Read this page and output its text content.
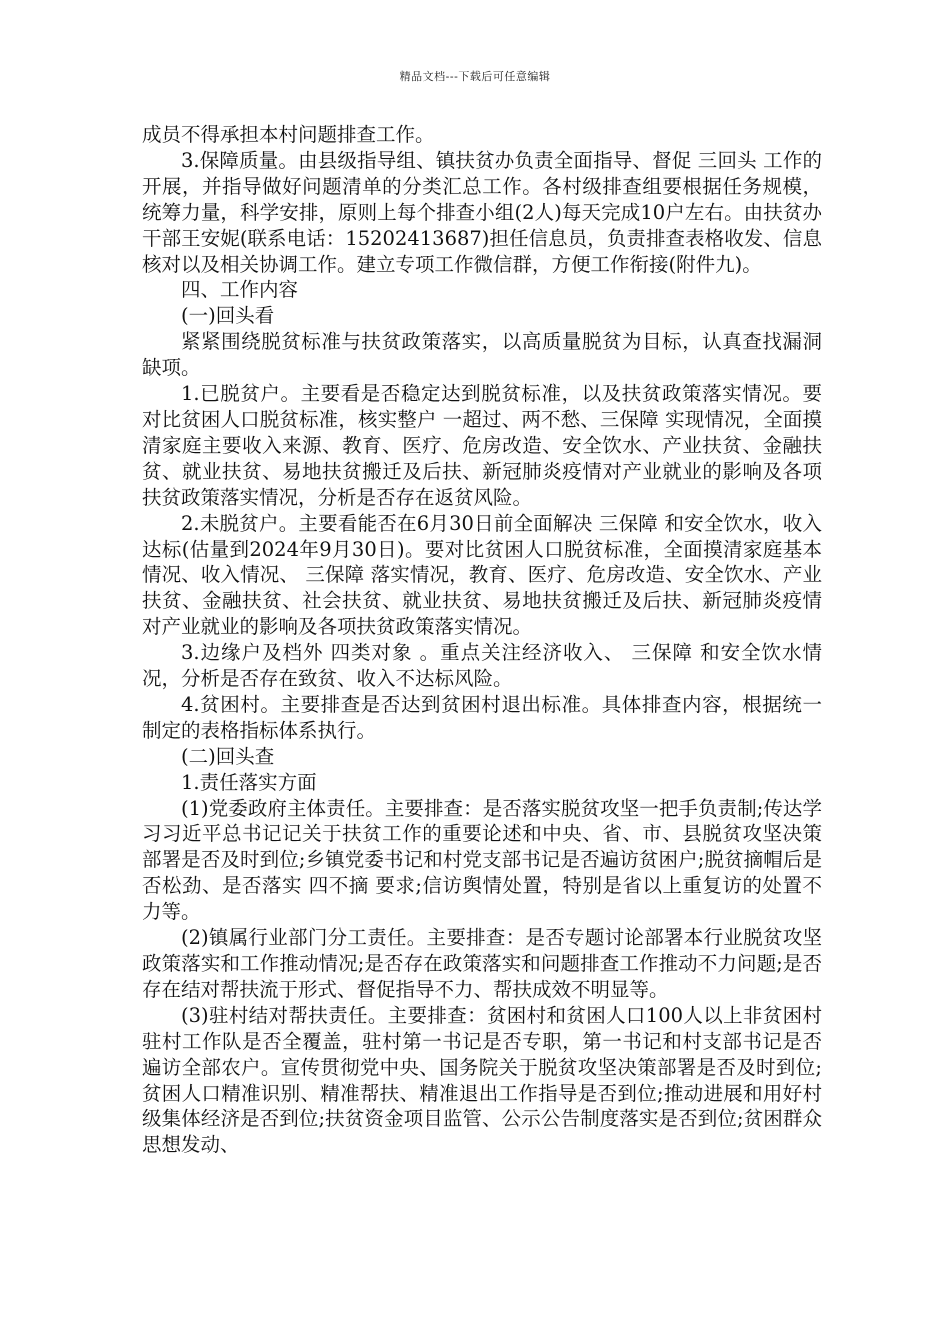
精品文档---下载后可任意编辑

成员不得承担本村问题排查工作。

3.保障质量。由县级指导组、镇扶贫办负责全面指导、督促 三回头 工作的开展，并指导做好问题清单的分类汇总工作。各村级排查组要根据任务规模，统筹力量，科学安排，原则上每个排查小组(2人)每天完成10户左右。由扶贫办干部王安妮(联系电话：15202413687)担任信息员，负责排查表格收发、信息核对以及相关协调工作。建立专项工作微信群，方便工作衔接(附件九)。

四、工作内容

(一)回头看

紧紧围绕脱贫标准与扶贫政策落实，以高质量脱贫为目标，认真查找漏洞缺项。

1.已脱贫户。主要看是否稳定达到脱贫标准，以及扶贫政策落实情况。要对比贫困人口脱贫标准，核实整户 一超过、两不愁、三保障 实现情况，全面摸清家庭主要收入来源、教育、医疗、危房改造、安全饮水、产业扶贫、金融扶贫、就业扶贫、易地扶贫搬迁及后扶、新冠肺炎疫情对产业就业的影响及各项扶贫政策落实情况，分析是否存在返贫风险。

2.未脱贫户。主要看能否在6月30日前全面解决 三保障 和安全饮水，收入达标(估量到2024年9月30日)。要对比贫困人口脱贫标准，全面摸清家庭基本情况、收入情况、 三保障 落实情况，教育、医疗、危房改造、安全饮水、产业扶贫、金融扶贫、社会扶贫、就业扶贫、易地扶贫搬迁及后扶、新冠肺炎疫情对产业就业的影响及各项扶贫政策落实情况。

3.边缘户及档外 四类对象 。重点关注经济收入、 三保障 和安全饮水情况，分析是否存在致贫、收入不达标风险。

4.贫困村。主要排查是否达到贫困村退出标准。具体排查内容，根据统一制定的表格指标体系执行。

(二)回头查

1.责任落实方面

(1)党委政府主体责任。主要排查：是否落实脱贫攻坚一把手负责制;传达学习习近平总书记记关于扶贫工作的重要论述和中央、省、市、县脱贫攻坚决策部署是否及时到位;乡镇党委书记和村党支部书记是否遍访贫困户;脱贫摘帽后是否松劲、是否落实 四不摘 要求;信访舆情处置，特别是省以上重复访的处置不力等。

(2)镇属行业部门分工责任。主要排查：是否专题讨论部署本行业脱贫攻坚政策落实和工作推动情况;是否存在政策落实和问题排查工作推动不力问题;是否存在结对帮扶流于形式、督促指导不力、帮扶成效不明显等。

(3)驻村结对帮扶责任。主要排查：贫困村和贫困人口100人以上非贫困村驻村工作队是否全覆盖，驻村第一书记是否专职，第一书记和村支部书记是否遍访全部农户。宣传贯彻党中央、国务院关于脱贫攻坚决策部署是否及时到位;贫困人口精准识别、精准帮扶、精准退出工作指导是否到位;推动进展和用好村级集体经济是否到位;扶贫资金项目监管、公示公告制度落实是否到位;贫困群众思想发动、
